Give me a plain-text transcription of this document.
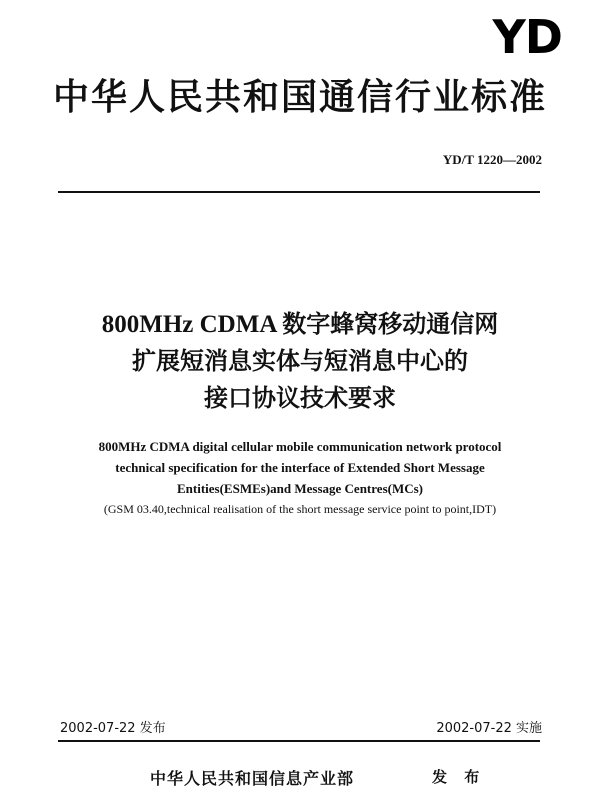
YD
中华人民共和国通信行业标准
YD/T 1220—2002
800MHz CDMA 数字蜂窝移动通信网
扩展短消息实体与短消息中心的
接口协议技术要求
800MHz CDMA digital cellular mobile communication network protocol
technical specification for the interface of Extended Short Message
Entities(ESMEs)and Message Centres(MCs)
(GSM 03.40,technical realisation of the short message service point to point,IDT)
2002-07-22 发布	2002-07-22 实施
中华人民共和国信息产业部	发 布
